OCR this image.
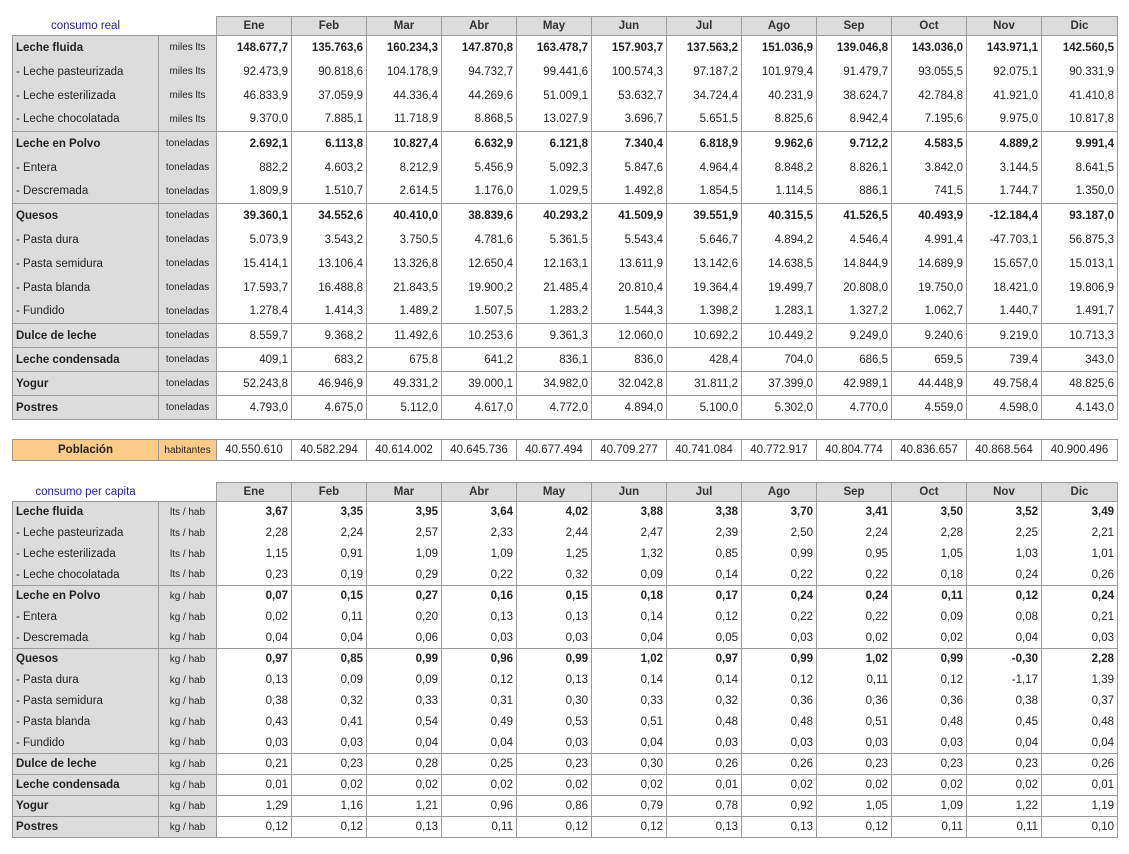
consumo real		Ene	Feb	Mar	Abr	May	Jun	Jul	Ago	Sep	Oct	Nov	Dic
Leche fluida	miles lts	148.677,7	135.763,6	160.234,3	147.870,8	163.478,7	157.903,7	137.563,2	151.036,9	139.046,8	143.036,0	143.971,1	142.560,5
- Leche pasteurizada	miles lts	92.473,9	90.818,6	104.178,9	94.732,7	99.441,6	100.574,3	97.187,2	101.979,4	91.479,7	93.055,5	92.075,1	90.331,9
- Leche esterilizada	miles lts	46.833,9	37.059,9	44.336,4	44.269,6	51.009,1	53.632,7	34.724,4	40.231,9	38.624,7	42.784,8	41.921,0	41.410,8
- Leche chocolatada	miles lts	9.370,0	7.885,1	11.718,9	8.868,5	13.027,9	3.696,7	5.651,5	8.825,6	8.942,4	7.195,6	9.975,0	10.817,8
Leche en Polvo	toneladas	2.692,1	6.113,8	10.827,4	6.632,9	6.121,8	7.340,4	6.818,9	9.962,6	9.712,2	4.583,5	4.889,2	9.991,4
- Entera	toneladas	882,2	4.603,2	8.212,9	5.456,9	5.092,3	5.847,6	4.964,4	8.848,2	8.826,1	3.842,0	3.144,5	8.641,5
- Descremada	toneladas	1.809,9	1.510,7	2.614,5	1.176,0	1.029,5	1.492,8	1.854,5	1.114,5	886,1	741,5	1.744,7	1.350,0
Quesos	toneladas	39.360,1	34.552,6	40.410,0	38.839,6	40.293,2	41.509,9	39.551,9	40.315,5	41.526,5	40.493,9	-12.184,4	93.187,0
- Pasta dura	toneladas	5.073,9	3.543,2	3.750,5	4.781,6	5.361,5	5.543,4	5.646,7	4.894,2	4.546,4	4.991,4	-47.703,1	56.875,3
- Pasta semidura	toneladas	15.414,1	13.106,4	13.326,8	12.650,4	12.163,1	13.611,9	13.142,6	14.638,5	14.844,9	14.689,9	15.657,0	15.013,1
- Pasta blanda	toneladas	17.593,7	16.488,8	21.843,5	19.900,2	21.485,4	20.810,4	19.364,4	19.499,7	20.808,0	19.750,0	18.421,0	19.806,9
- Fundido	toneladas	1.278,4	1.414,3	1.489,2	1.507,5	1.283,2	1.544,3	1.398,2	1.283,1	1.327,2	1.062,7	1.440,7	1.491,7
Dulce de leche	toneladas	8.559,7	9.368,2	11.492,6	10.253,6	9.361,3	12.060,0	10.692,2	10.449,2	9.249,0	9.240,6	9.219,0	10.713,3
Leche condensada	toneladas	409,1	683,2	675,8	641,2	836,1	836,0	428,4	704,0	686,5	659,5	739,4	343,0
Yogur	toneladas	52.243,8	46.946,9	49.331,2	39.000,1	34.982,0	32.042,8	31.811,2	37.399,0	42.989,1	44.448,9	49.758,4	48.825,6
Postres	toneladas	4.793,0	4.675,0	5.112,0	4.617,0	4.772,0	4.894,0	5.100,0	5.302,0	4.770,0	4.559,0	4.598,0	4.143,0
Población	habitantes	40.550.610	40.582.294	40.614.002	40.645.736	40.677.494	40.709.277	40.741.084	40.772.917	40.804.774	40.836.657	40.868.564	40.900.496
consumo per capita		Ene	Feb	Mar	Abr	May	Jun	Jul	Ago	Sep	Oct	Nov	Dic
Leche fluida	lts / hab	3,67	3,35	3,95	3,64	4,02	3,88	3,38	3,70	3,41	3,50	3,52	3,49
- Leche pasteurizada	lts / hab	2,28	2,24	2,57	2,33	2,44	2,47	2,39	2,50	2,24	2,28	2,25	2,21
- Leche esterilizada	lts / hab	1,15	0,91	1,09	1,09	1,25	1,32	0,85	0,99	0,95	1,05	1,03	1,01
- Leche chocolatada	lts / hab	0,23	0,19	0,29	0,22	0,32	0,09	0,14	0,22	0,22	0,18	0,24	0,26
Leche en Polvo	kg / hab	0,07	0,15	0,27	0,16	0,15	0,18	0,17	0,24	0,24	0,11	0,12	0,24
- Entera	kg / hab	0,02	0,11	0,20	0,13	0,13	0,14	0,12	0,22	0,22	0,09	0,08	0,21
- Descremada	kg / hab	0,04	0,04	0,06	0,03	0,03	0,04	0,05	0,03	0,02	0,02	0,04	0,03
Quesos	kg / hab	0,97	0,85	0,99	0,96	0,99	1,02	0,97	0,99	1,02	0,99	-0,30	2,28
- Pasta dura	kg / hab	0,13	0,09	0,09	0,12	0,13	0,14	0,14	0,12	0,11	0,12	-1,17	1,39
- Pasta semidura	kg / hab	0,38	0,32	0,33	0,31	0,30	0,33	0,32	0,36	0,36	0,36	0,38	0,37
- Pasta blanda	kg / hab	0,43	0,41	0,54	0,49	0,53	0,51	0,48	0,48	0,51	0,48	0,45	0,48
- Fundido	kg / hab	0,03	0,03	0,04	0,04	0,03	0,04	0,03	0,03	0,03	0,03	0,04	0,04
Dulce de leche	kg / hab	0,21	0,23	0,28	0,25	0,23	0,30	0,26	0,26	0,23	0,23	0,23	0,26
Leche condensada	kg / hab	0,01	0,02	0,02	0,02	0,02	0,02	0,01	0,02	0,02	0,02	0,02	0,01
Yogur	kg / hab	1,29	1,16	1,21	0,96	0,86	0,79	0,78	0,92	1,05	1,09	1,22	1,19
Postres	kg / hab	0,12	0,12	0,13	0,11	0,12	0,12	0,13	0,13	0,12	0,11	0,11	0,10
